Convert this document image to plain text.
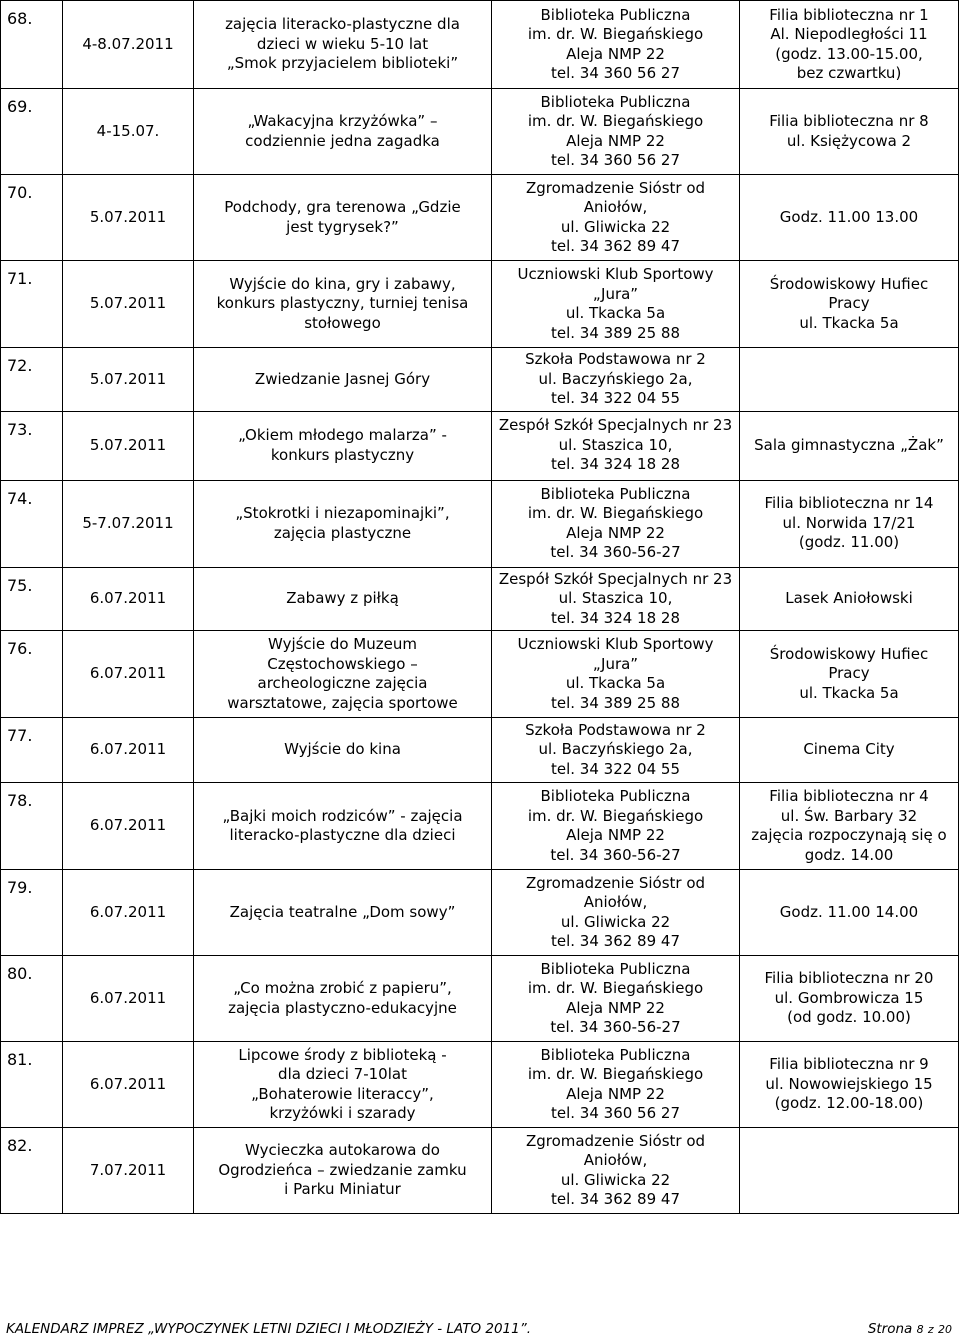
68.	4-8.07.2011	zajęcia literacko-plastyczne dla
dzieci w wieku 5-10 lat
„Smok przyjacielem biblioteki”	Biblioteka Publiczna
im. dr. W. Biegańskiego
Aleja NMP 22
tel. 34 360 56 27	Filia biblioteczna nr 1
Al. Niepodległości 11
(godz. 13.00-15.00,
bez czwartku)

69.	4-15.07.	„Wakacyjna krzyżówka” –
codziennie jedna zagadka	Biblioteka Publiczna
im. dr. W. Biegańskiego
Aleja NMP 22
tel. 34 360 56 27	Filia biblioteczna nr 8
ul. Księżycowa 2

70.	5.07.2011	Podchody, gra terenowa „Gdzie
jest tygrysek?”	Zgromadzenie Sióstr od
Aniołów,
ul. Gliwicka 22
tel. 34 362 89 47	Godz. 11.00 13.00

71.	5.07.2011	Wyjście do kina, gry i zabawy,
konkurs plastyczny, turniej tenisa
stołowego	Uczniowski Klub Sportowy
„Jura”
ul. Tkacka 5a
tel. 34 389 25 88	Środowiskowy Hufiec
Pracy
ul. Tkacka 5a

72.	5.07.2011	Zwiedzanie Jasnej Góry	Szkoła Podstawowa nr 2
ul. Baczyńskiego 2a,
tel. 34 322 04 55	

73.	5.07.2011	„Okiem młodego malarza” -
konkurs plastyczny	Zespół Szkół Specjalnych nr 23
ul. Staszica 10,
tel. 34 324 18 28	Sala gimnastyczna „Żak”

74.	5-7.07.2011	„Stokrotki i niezapominajki”,
zajęcia plastyczne	Biblioteka Publiczna
im. dr. W. Biegańskiego
Aleja NMP 22
tel. 34 360-56-27	Filia biblioteczna nr 14
ul. Norwida 17/21
(godz. 11.00)

75.	6.07.2011	Zabawy z piłką	Zespół Szkół Specjalnych nr 23
ul. Staszica 10,
tel. 34 324 18 28	Lasek Aniołowski

76.	6.07.2011	Wyjście do Muzeum
Częstochowskiego –
archeologiczne zajęcia
warsztatowe, zajęcia sportowe	Uczniowski Klub Sportowy
„Jura”
ul. Tkacka 5a
tel. 34 389 25 88	Środowiskowy Hufiec
Pracy
ul. Tkacka 5a

77.	6.07.2011	Wyjście do kina	Szkoła Podstawowa nr 2
ul. Baczyńskiego 2a,
tel. 34 322 04 55	Cinema City

78.	6.07.2011	„Bajki moich rodziców” - zajęcia
literacko-plastyczne dla dzieci	Biblioteka Publiczna
im. dr. W. Biegańskiego
Aleja NMP 22
tel. 34 360-56-27	Filia biblioteczna nr 4
ul. Św. Barbary 32
zajęcia rozpoczynają się o
godz. 14.00

79.	6.07.2011	Zajęcia teatralne „Dom sowy”	Zgromadzenie Sióstr od
Aniołów,
ul. Gliwicka 22
tel. 34 362 89 47	Godz. 11.00 14.00

80.	6.07.2011	„Co można zrobić z papieru”,
zajęcia plastyczno-edukacyjne	Biblioteka Publiczna
im. dr. W. Biegańskiego
Aleja NMP 22
tel. 34 360-56-27	Filia biblioteczna nr 20
ul. Gombrowicza 15
(od godz. 10.00)

81.	6.07.2011	Lipcowe środy z biblioteką -
dla dzieci 7-10lat
„Bohaterowie literaccy”,
krzyżówki i szarady	Biblioteka Publiczna
im. dr. W. Biegańskiego
Aleja NMP 22
tel. 34 360 56 27	Filia biblioteczna nr 9
ul. Nowowiejskiego 15
(godz. 12.00-18.00)

82.	7.07.2011	Wycieczka autokarowa do
Ogrodzieńca – zwiedzanie zamku
i Parku Miniatur	Zgromadzenie Sióstr od
Aniołów,
ul. Gliwicka 22
tel. 34 362 89 47	

KALENDARZ IMPREZ „WYPOCZYNEK LETNI DZIECI I MŁODZIEŻY - LATO 2011”.	Strona 8 z 20
